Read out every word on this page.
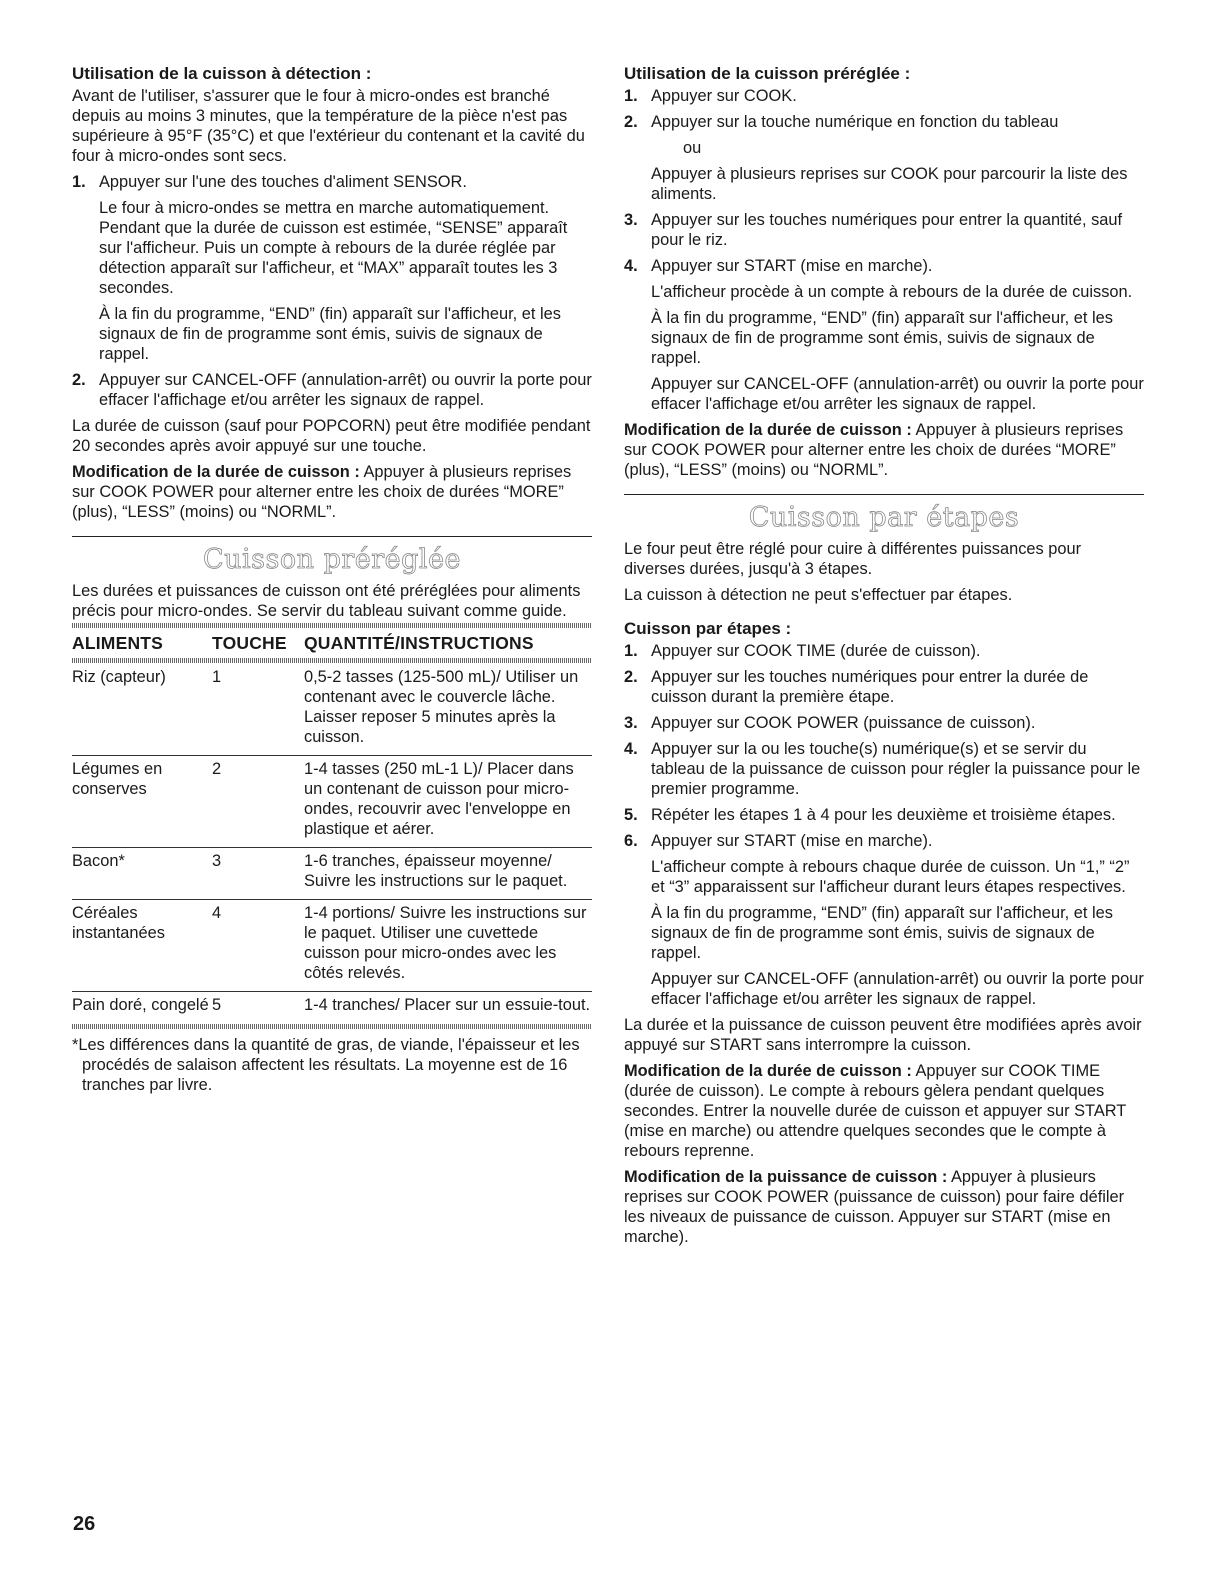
Utilisation de la cuisson à détection :

Avant de l'utiliser, s'assurer que le four à micro-ondes est branché depuis au moins 3 minutes, que la température de la pièce n'est pas supérieure à 95°F (35°C) et que l'extérieur du contenant et la cavité du four à micro-ondes sont secs.

1. Appuyer sur l'une des touches d'aliment SENSOR.

Le four à micro-ondes se mettra en marche automatiquement. Pendant que la durée de cuisson est estimée, “SENSE” apparaît sur l'afficheur. Puis un compte à rebours de la durée réglée par détection apparaît sur l'afficheur, et “MAX” apparaît toutes les 3 secondes.

À la fin du programme, “END” (fin) apparaît sur l'afficheur, et les signaux de fin de programme sont émis, suivis de signaux de rappel.

2. Appuyer sur CANCEL-OFF (annulation-arrêt) ou ouvrir la porte pour effacer l'affichage et/ou arrêter les signaux de rappel.

La durée de cuisson (sauf pour POPCORN) peut être modifiée pendant 20 secondes après avoir appuyé sur une touche.

Modification de la durée de cuisson : Appuyer à plusieurs reprises sur COOK POWER pour alterner entre les choix de durées “MORE” (plus), “LESS” (moins) ou “NORML”.

Cuisson préréglée

Les durées et puissances de cuisson ont été préréglées pour aliments précis pour micro-ondes. Se servir du tableau suivant comme guide.

ALIMENTS	TOUCHE	QUANTITÉ/INSTRUCTIONS

Riz (capteur)	1	0,5-2 tasses (125-500 mL)/ Utiliser un contenant avec le couvercle lâche. Laisser reposer 5 minutes après la cuisson.
Légumes en conserves	2	1-4 tasses (250 mL-1 L)/ Placer dans un contenant de cuisson pour micro-ondes, recouvrir avec l'enveloppe en plastique et aérer.
Bacon*	3	1-6 tranches, épaisseur moyenne/ Suivre les instructions sur le paquet.
Céréales instantanées	4	1-4 portions/ Suivre les instructions sur le paquet. Utiliser une cuvettede cuisson pour micro-ondes avec les côtés relevés.
Pain doré, congelé	5	1-4 tranches/ Placer sur un essuie-tout.

*Les différences dans la quantité de gras, de viande, l'épaisseur et les procédés de salaison affectent les résultats. La moyenne est de 16 tranches par livre.

Utilisation de la cuisson préréglée :

1. Appuyer sur COOK.

2. Appuyer sur la touche numérique en fonction du tableau

ou

Appuyer à plusieurs reprises sur COOK pour parcourir la liste des aliments.

3. Appuyer sur les touches numériques pour entrer la quantité, sauf pour le riz.

4. Appuyer sur START (mise en marche).

L'afficheur procède à un compte à rebours de la durée de cuisson.

À la fin du programme, “END” (fin) apparaît sur l'afficheur, et les signaux de fin de programme sont émis, suivis de signaux de rappel.

Appuyer sur CANCEL-OFF (annulation-arrêt) ou ouvrir la porte pour effacer l'affichage et/ou arrêter les signaux de rappel.

Modification de la durée de cuisson : Appuyer à plusieurs reprises sur COOK POWER pour alterner entre les choix de durées “MORE” (plus), “LESS” (moins) ou “NORML”.

Cuisson par étapes

Le four peut être réglé pour cuire à différentes puissances pour diverses durées, jusqu'à 3 étapes.

La cuisson à détection ne peut s'effectuer par étapes.

Cuisson par étapes :

1. Appuyer sur COOK TIME (durée de cuisson).

2. Appuyer sur les touches numériques pour entrer la durée de cuisson durant la première étape.

3. Appuyer sur COOK POWER (puissance de cuisson).

4. Appuyer sur la ou les touche(s) numérique(s) et se servir du tableau de la puissance de cuisson pour régler la puissance pour le premier programme.

5. Répéter les étapes 1 à 4 pour les deuxième et troisième étapes.

6. Appuyer sur START (mise en marche).

L'afficheur compte à rebours chaque durée de cuisson. Un “1,” “2” et “3” apparaissent sur l'afficheur durant leurs étapes respectives.

À la fin du programme, “END” (fin) apparaît sur l'afficheur, et les signaux de fin de programme sont émis, suivis de signaux de rappel.

Appuyer sur CANCEL-OFF (annulation-arrêt) ou ouvrir la porte pour effacer l'affichage et/ou arrêter les signaux de rappel.

La durée et la puissance de cuisson peuvent être modifiées après avoir appuyé sur START sans interrompre la cuisson.

Modification de la durée de cuisson : Appuyer sur COOK TIME (durée de cuisson). Le compte à rebours gèlera pendant quelques secondes. Entrer la nouvelle durée de cuisson et appuyer sur START (mise en marche) ou attendre quelques secondes que le compte à rebours reprenne.

Modification de la puissance de cuisson : Appuyer à plusieurs reprises sur COOK POWER (puissance de cuisson) pour faire défiler les niveaux de puissance de cuisson. Appuyer sur START (mise en marche).

26
